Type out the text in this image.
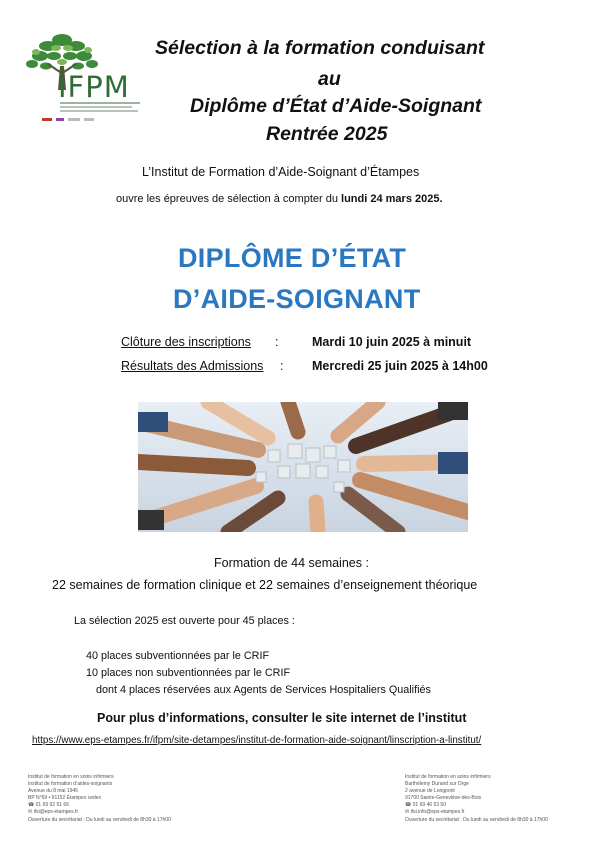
IFPM
Sélection à la formation conduisant
au
Diplôme d’État d’Aide-Soignant
Rentrée 2025
L’Institut de Formation d’Aide-Soignant d’Étampes
ouvre les épreuves de sélection à compter du lundi 24 mars 2025.
DIPLÔME D’ÉTAT
D’AIDE-SOIGNANT
Clôture des inscriptions :	Mardi 10 juin 2025 à minuit
Résultats des Admissions : Mercredi 25 juin 2025 à 14h00
Formation de 44 semaines :
22 semaines de formation clinique et 22 semaines d’enseignement théorique
La sélection 2025 est ouverte pour 45 places :
40 places subventionnées par le CRIF
10 places non subventionnées par le CRIF
dont 4 places réservées aux Agents de Services Hospitaliers Qualifiés
Pour plus d’informations, consulter le site internet de l’institut
https://www.eps-etampes.fr/ifpm/site-detampes/institut-de-formation-aide-soignant/linscription-a-linstitut/
Institut de formation en soins infirmiers
Institut de formation d’aides-soignants
Avenue du 8 mai 1945
BP N°69 • 91152 Étampes cedex
☎ 01 69 92 51 66
✉ ifsi@eps-etampes.fr
Ouverture du secrétariat : Du lundi au vendredi de 8h30 à 17h00
Institut de formation en soins infirmiers
Barthélemy Durand sur Orge
2 avenue de Longpont
91700 Sainte-Geneviève-des-Bois
☎ 01 69 46 53 50
✉ ifsi.info@eps-etampes.fr
Ouverture du secrétariat : Du lundi au vendredi de 8h30 à 17h00
